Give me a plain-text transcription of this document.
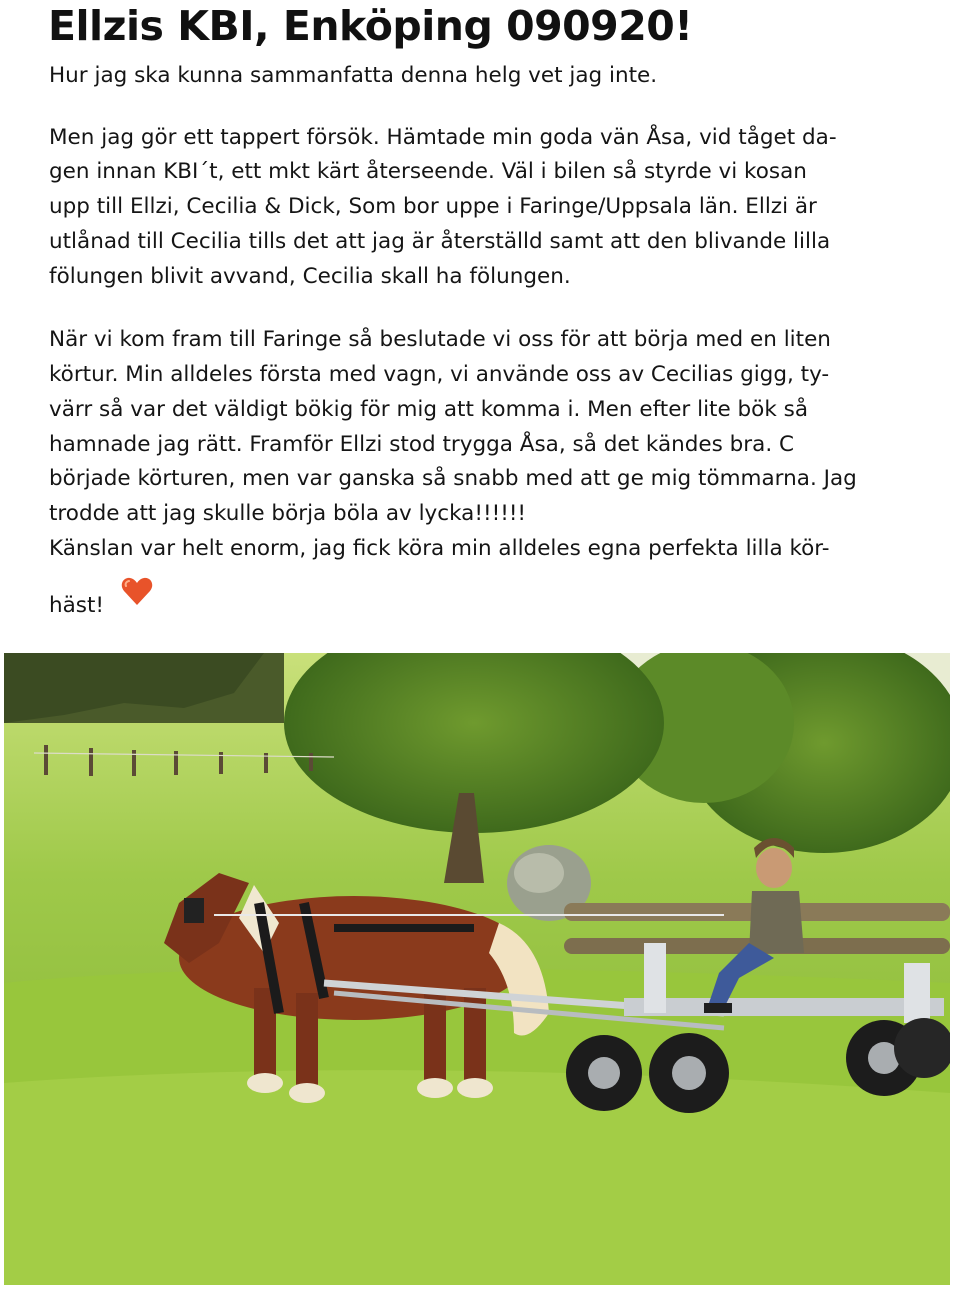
Ellzis KBI, Enköping 090920!

Hur jag ska kunna sammanfatta denna helg vet jag inte.

Men jag gör ett tappert försök. Hämtade min goda vän Åsa, vid tåget da-

gen innan KBI´t, ett mkt kärt återseende. Väl i bilen så styrde vi kosan

upp till Ellzi, Cecilia & Dick, Som bor uppe i Faringe/Uppsala län. Ellzi är

utlånad till Cecilia tills det att jag är återställd samt att den blivande lilla

fölungen blivit avvand, Cecilia skall ha fölungen.

När vi kom fram till Faringe så beslutade vi oss för att börja med en liten

körtur. Min alldeles första med vagn, vi använde oss av Cecilias gigg, ty-

värr så var det väldigt bökig för mig att komma i. Men efter lite bök så

hamnade jag rätt. Framför Ellzi stod trygga Åsa, så det kändes bra. C

började körturen, men var ganska så snabb med att ge mig tömmarna. Jag

trodde att jag skulle börja böla av lycka!!!!!!

Känslan var helt enorm, jag fick köra min alldeles egna perfekta lilla kör-

häst!
